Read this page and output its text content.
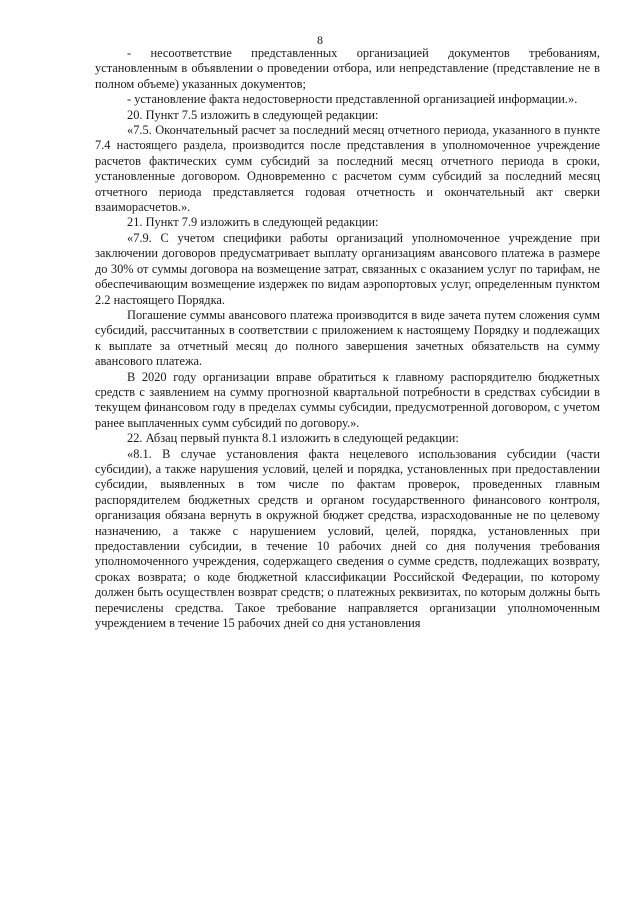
8

- несоответствие представленных организацией документов требованиям, установленным в объявлении о проведении отбора, или непредставление (представление не в полном объеме) указанных документов;

- установление факта недостоверности представленной организацией информации.».

20. Пункт 7.5 изложить в следующей редакции:

«7.5. Окончательный расчет за последний месяц отчетного периода, указанного в пункте 7.4 настоящего раздела, производится после представления в уполномоченное учреждение расчетов фактических сумм субсидий за последний месяц отчетного периода в сроки, установленные договором. Одновременно с расчетом сумм субсидий за последний месяц отчетного периода представляется годовая отчетность и окончательный акт сверки взаиморасчетов.».

21. Пункт 7.9 изложить в следующей редакции:

«7.9. С учетом специфики работы организаций уполномоченное учреждение при заключении договоров предусматривает выплату организациям авансового платежа в размере до 30% от суммы договора на возмещение затрат, связанных с оказанием услуг по тарифам, не обеспечивающим возмещение издержек по видам аэропортовых услуг, определенным пунктом 2.2 настоящего Порядка.

Погашение суммы авансового платежа производится в виде зачета путем сложения сумм субсидий, рассчитанных в соответствии с приложением к настоящему Порядку и подлежащих к выплате за отчетный месяц до полного завершения зачетных обязательств на сумму авансового платежа.

В 2020 году организации вправе обратиться к главному распорядителю бюджетных средств с заявлением на сумму прогнозной квартальной потребности в средствах субсидии в текущем финансовом году в пределах суммы субсидии, предусмотренной договором, с учетом ранее выплаченных сумм субсидий по договору.».

22. Абзац первый пункта 8.1 изложить в следующей редакции:

«8.1. В случае установления факта нецелевого использования субсидии (части субсидии), а также нарушения условий, целей и порядка, установленных при предоставлении субсидии, выявленных в том числе по фактам проверок, проведенных главным распорядителем бюджетных средств и органом государственного финансового контроля, организация обязана вернуть в окружной бюджет средства, израсходованные не по целевому назначению, а также с нарушением условий, целей, порядка, установленных при предоставлении субсидии, в течение 10 рабочих дней со дня получения требования уполномоченного учреждения, содержащего сведения о сумме средств, подлежащих возврату, сроках возврата; о коде бюджетной классификации Российской Федерации, по которому должен быть осуществлен возврат средств; о платежных реквизитах, по которым должны быть перечислены средства. Такое требование направляется организации уполномоченным учреждением в течение 15 рабочих дней со дня установления
